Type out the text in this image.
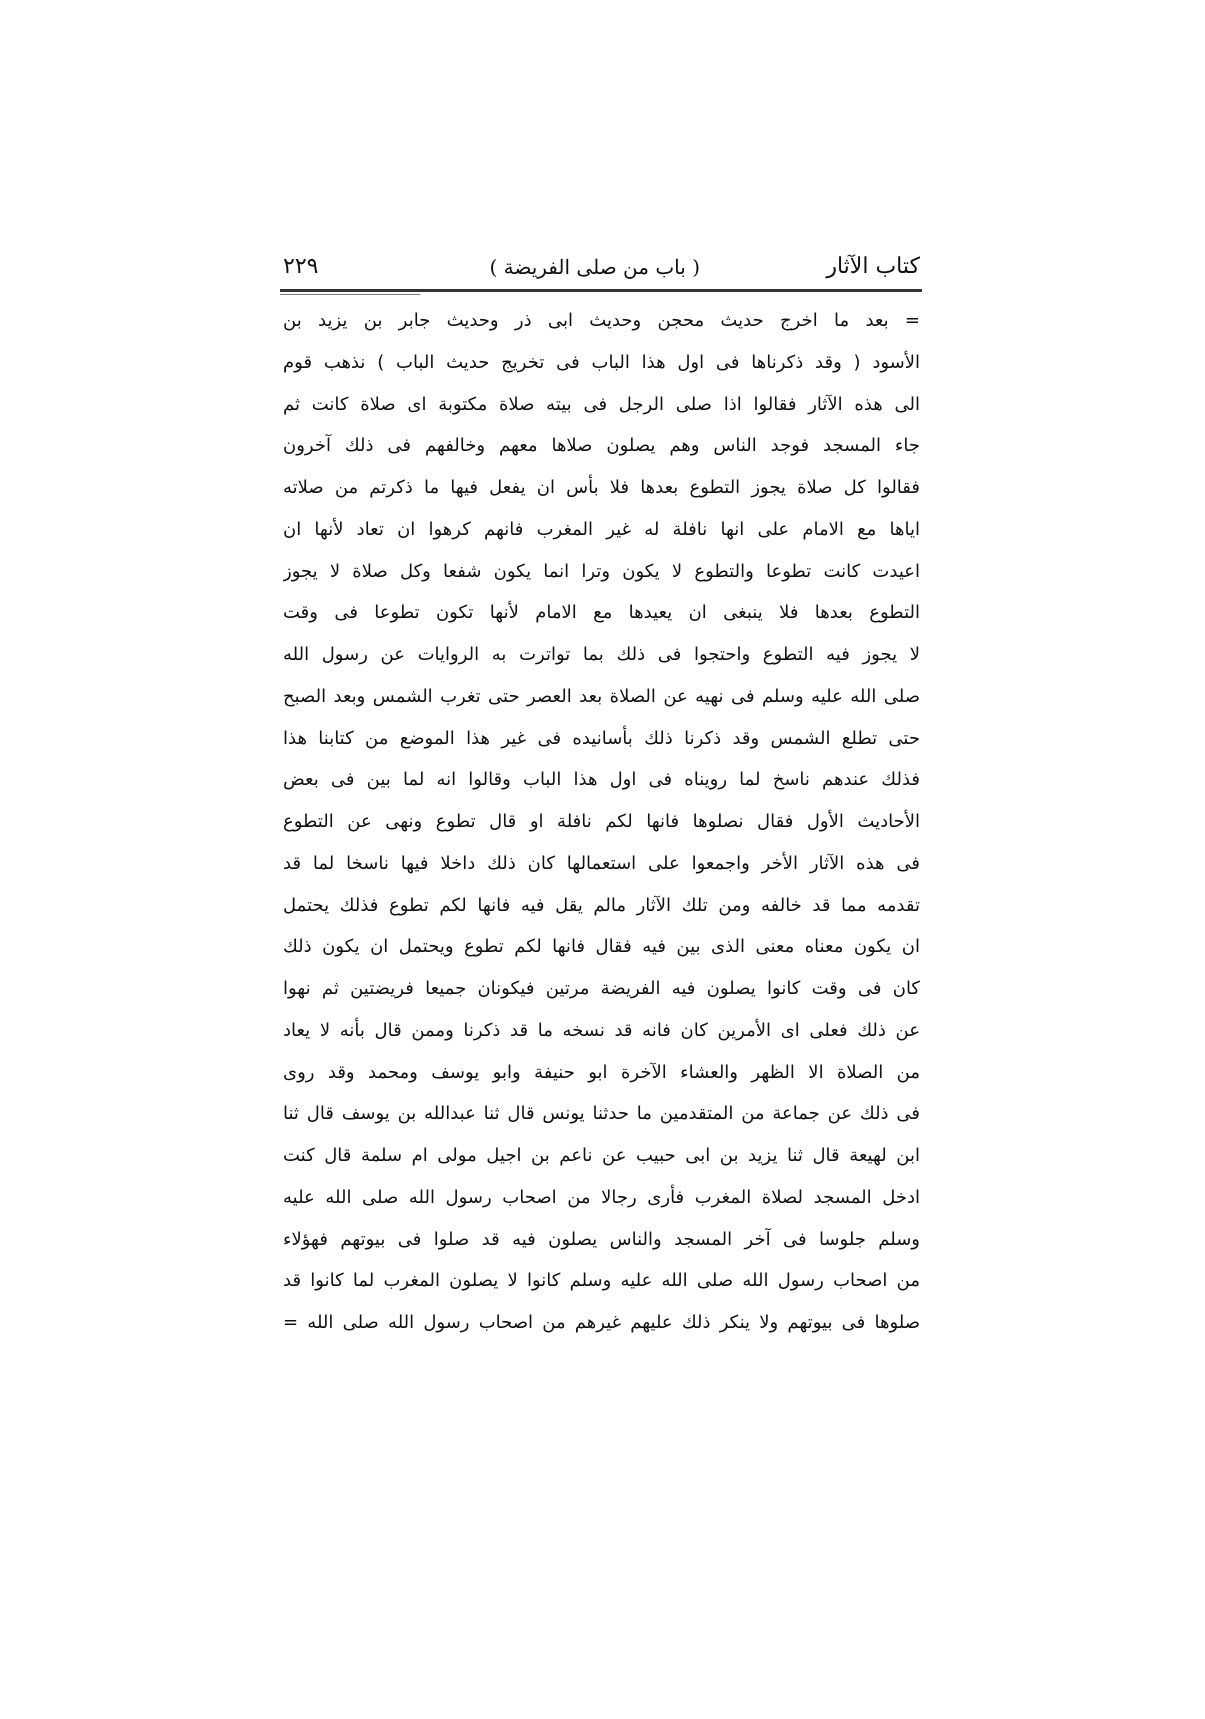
كتاب الآثار
( باب من صلى الفريضة )
٢٢٩
= بعد ما اخرج حديث محجن وحديث ابى ذر وحديث جابر بن يزيد بن
الأسود ( وقد ذكرناها فى اول هذا الباب فى تخريج حديث الباب ) نذهب قوم
الى هذه الآثار فقالوا اذا صلى الرجل فى بيته صلاة مكتوبة اى صلاة كانت ثم
جاء المسجد فوجد الناس وهم يصلون صلاها معهم وخالفهم فى ذلك آخرون
فقالوا كل صلاة يجوز التطوع بعدها فلا بأس ان يفعل فيها ما ذكرتم من صلاته
اياها مع الامام على انها نافلة له غير المغرب فانهم كرهوا ان تعاد لأنها ان
اعيدت كانت تطوعا والتطوع لا يكون وترا انما يكون شفعا وكل صلاة لا يجوز
التطوع بعدها فلا ينبغى ان يعيدها مع الامام لأنها تكون تطوعا فى وقت
لا يجوز فيه التطوع واحتجوا فى ذلك بما تواترت به الروايات عن رسول الله
صلى الله عليه وسلم فى نهيه عن الصلاة بعد العصر حتى تغرب الشمس وبعد الصبح
حتى تطلع الشمس وقد ذكرنا ذلك بأسانيده فى غير هذا الموضع من كتابنا هذا
فذلك عندهم ناسخ لما رويناه فى اول هذا الباب وقالوا انه لما بين فى بعض
الأحاديث الأول فقال نصلوها فانها لكم نافلة او قال تطوع ونهى عن التطوع
فى هذه الآثار الأخر واجمعوا على استعمالها كان ذلك داخلا فيها ناسخا لما قد
تقدمه مما قد خالفه ومن تلك الآثار مالم يقل فيه فانها لكم تطوع فذلك يحتمل
ان يكون معناه معنى الذى بين فيه فقال فانها لكم تطوع ويحتمل ان يكون ذلك
كان فى وقت كانوا يصلون فيه الفريضة مرتين فيكونان جميعا فريضتين ثم نهوا
عن ذلك فعلى اى الأمرين كان فانه قد نسخه ما قد ذكرنا وممن قال بأنه لا يعاد
من الصلاة الا الظهر والعشاء الآخرة ابو حنيفة وابو يوسف ومحمد وقد روى
فى ذلك عن جماعة من المتقدمين ما حدثنا يونس قال ثنا عبدالله بن يوسف قال ثنا
ابن لهيعة قال ثنا يزيد بن ابى حبيب عن ناعم بن اجيل مولى ام سلمة قال كنت
ادخل المسجد لصلاة المغرب فأرى رجالا من اصحاب رسول الله صلى الله عليه
وسلم جلوسا فى آخر المسجد والناس يصلون فيه قد صلوا فى بيوتهم فهؤلاء
من اصحاب رسول الله صلى الله عليه وسلم كانوا لا يصلون المغرب لما كانوا قد
صلوها فى بيوتهم ولا ينكر ذلك عليهم غيرهم من اصحاب رسول الله صلى الله =
